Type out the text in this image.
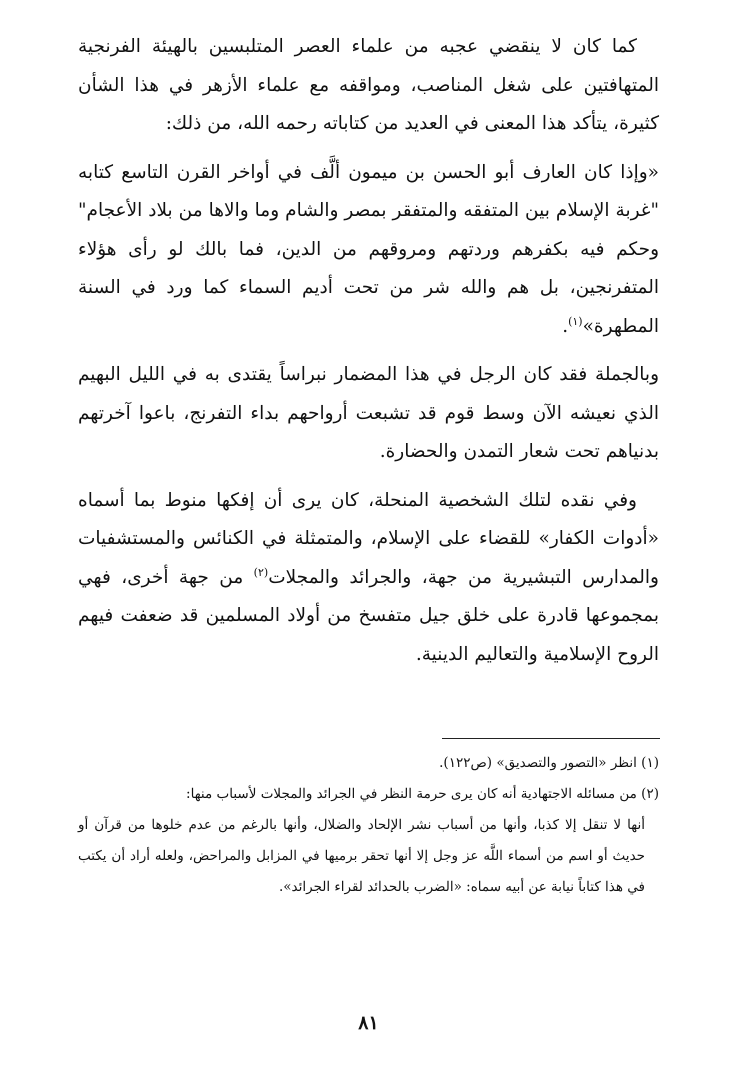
كما كان لا ينقضي عجبه من علماء العصر المتلبسين بالهيئة الفرنجية المتهافتين على شغل المناصب، ومواقفه مع علماء الأزهر في هذا الشأن كثيرة، يتأكد هذا المعنى في العديد من كتاباته رحمه الله، من ذلك:

«وإذا كان العارف أبو الحسن بن ميمون ألَّف في أواخر القرن التاسع كتابه "غربة الإسلام بين المتفقه والمتفقر بمصر والشام وما والاها من بلاد الأعجام" وحكم فيه بكفرهم وردتهم ومروقهم من الدين، فما بالك لو رأى هؤلاء المتفرنجين، بل هم والله شر من تحت أديم السماء كما ورد في السنة المطهرة»$^{(١)}$.

وبالجملة فقد كان الرجل في هذا المضمار نبراساً يقتدى به في الليل البهيم الذي نعيشه الآن وسط قوم قد تشبعت أرواحهم بداء التفرنج، باعوا آخرتهم بدنياهم تحت شعار التمدن والحضارة.

وفي نقده لتلك الشخصية المنحلة، كان يرى أن إفكها منوط بما أسماه «أدوات الكفار» للقضاء على الإسلام، والمتمثلة في الكنائس والمستشفيات والمدارس التبشيرية من جهة، والجرائد والمجلات$^{(٢)}$ من جهة أخرى، فهي بمجموعها قادرة على خلق جيل متفسخ من أولاد المسلمين قد ضعفت فيهم الروح الإسلامية والتعاليم الدينية.

(١) انظر «التصور والتصديق» (ص١٢٢).

(٢) من مسائله الاجتهادية أنه كان يرى حرمة النظر في الجرائد والمجلات لأسباب منها:

أنها لا تنقل إلا كذبا، وأنها من أسباب نشر الإلحاد والضلال، وأنها بالرغم من عدم خلوها من قرآن أو حديث أو اسم من أسماء اللَّه عز وجل إلا أنها تحقر برميها في المزابل والمراحض، ولعله أراد أن يكتب في هذا كتاباً نيابة عن أبيه سماه: «الضرب بالحدائد لقراء الجرائد».

٨١
